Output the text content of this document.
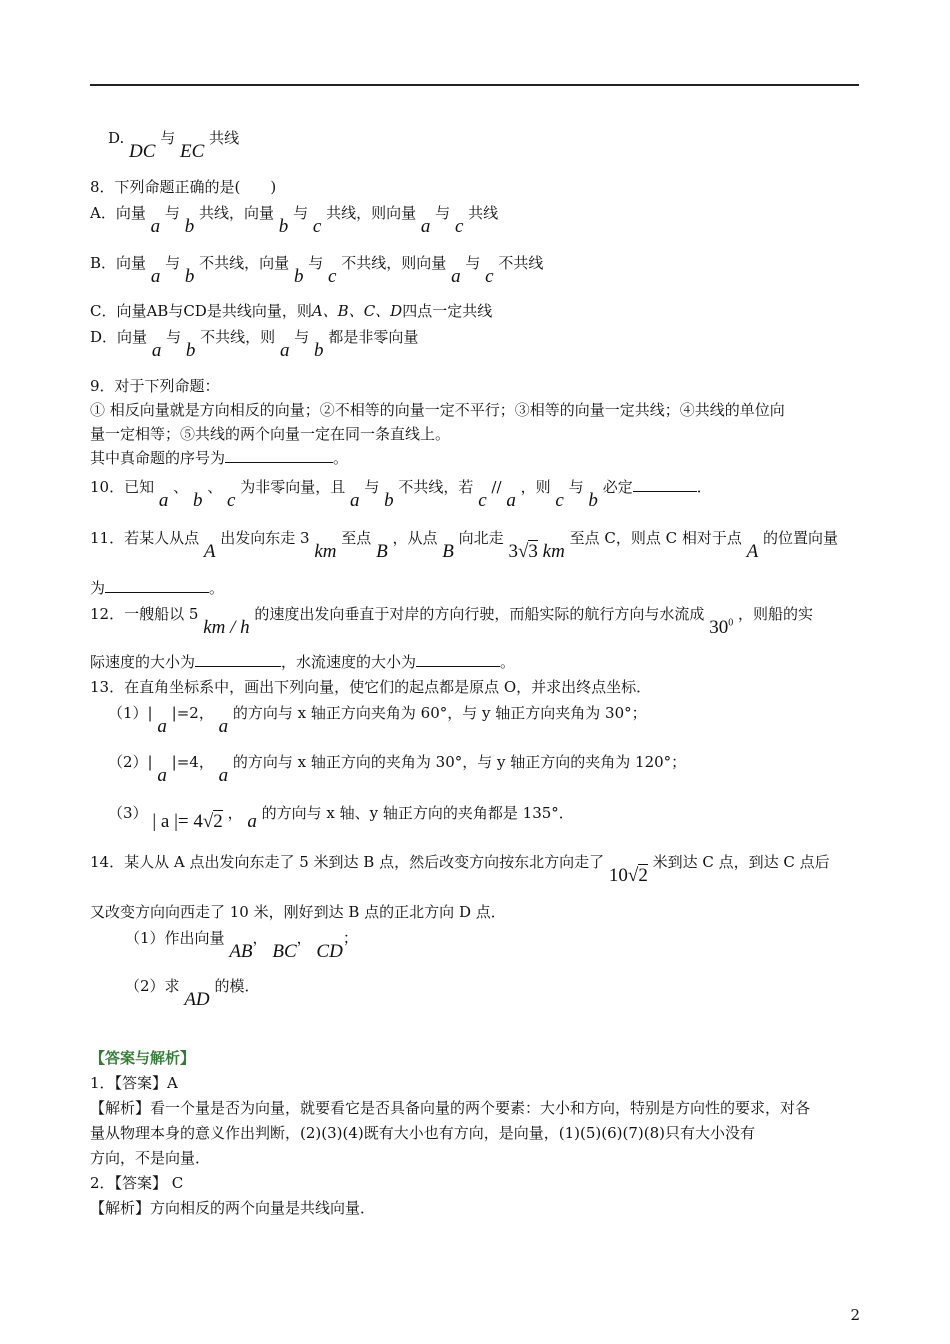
D. DC 与 EC 共线
8．下列命题正确的是(　　)
A．向量 a 与 b 共线，向量 b 与 c 共线，则向量 a 与 c 共线
B．向量 a 与 b 不共线，向量 b 与 c 不共线，则向量 a 与 c 不共线
C．向量AB与CD是共线向量，则A、B、C、D四点一定共线
D．向量 a 与 b 不共线，则 a 与 b 都是非零向量
9．对于下列命题：
① 相反向量就是方向相反的向量；②不相等的向量一定不平行；③相等的向量一定共线；④共线的单位向
量一定相等；⑤共线的两个向量一定在同一条直线上。
其中真命题的序号为	。
10．已知 a 、 b 、 c 为非零向量，且 a 与 b 不共线，若 c // a ，则 c 与 b 必定	．
11．若某人从点 A 出发向东走 3 km 至点 B ，从点 B 向北走 3√3 km 至点 C，则点 C 相对于点 A 的位置向量
为	。
12．一艘船以 5 km / h 的速度出发向垂直于对岸的方向行驶，而船实际的航行方向与水流成 $30^0$ ，则船的实
际速度的大小为	，水流速度的大小为	。
13．在直角坐标系中，画出下列向量，使它们的起点都是原点 O，并求出终点坐标．
（1）| a |=2， a 的方向与 x 轴正方向夹角为 60°，与 y 轴正方向夹角为 30°；
（2）| a |=4， a 的方向与 x 轴正方向的夹角为 30°，与 y 轴正方向的夹角为 120°；
（3） | a |= 4√2 ， a 的方向与 x 轴、y 轴正方向的夹角都是 135°．
14．某人从 A 点出发向东走了 5 米到达 B 点，然后改变方向按东北方向走了 10√2 米到达 C 点，到达 C 点后
又改变方向向西走了 10 米，刚好到达 B 点的正北方向 D 点．
（1）作出向量 AB， BC， CD；
（2）求 AD 的模．
【答案与解析】
1．【答案】A
【解析】看一个量是否为向量，就要看它是否具备向量的两个要素：大小和方向，特别是方向性的要求，对各
量从物理本身的意义作出判断，(2)(3)(4)既有大小也有方向，是向量，(1)(5)(6)(7)(8)只有大小没有
方向，不是向量．
2．【答案】 C
【解析】方向相反的两个向量是共线向量．
2
